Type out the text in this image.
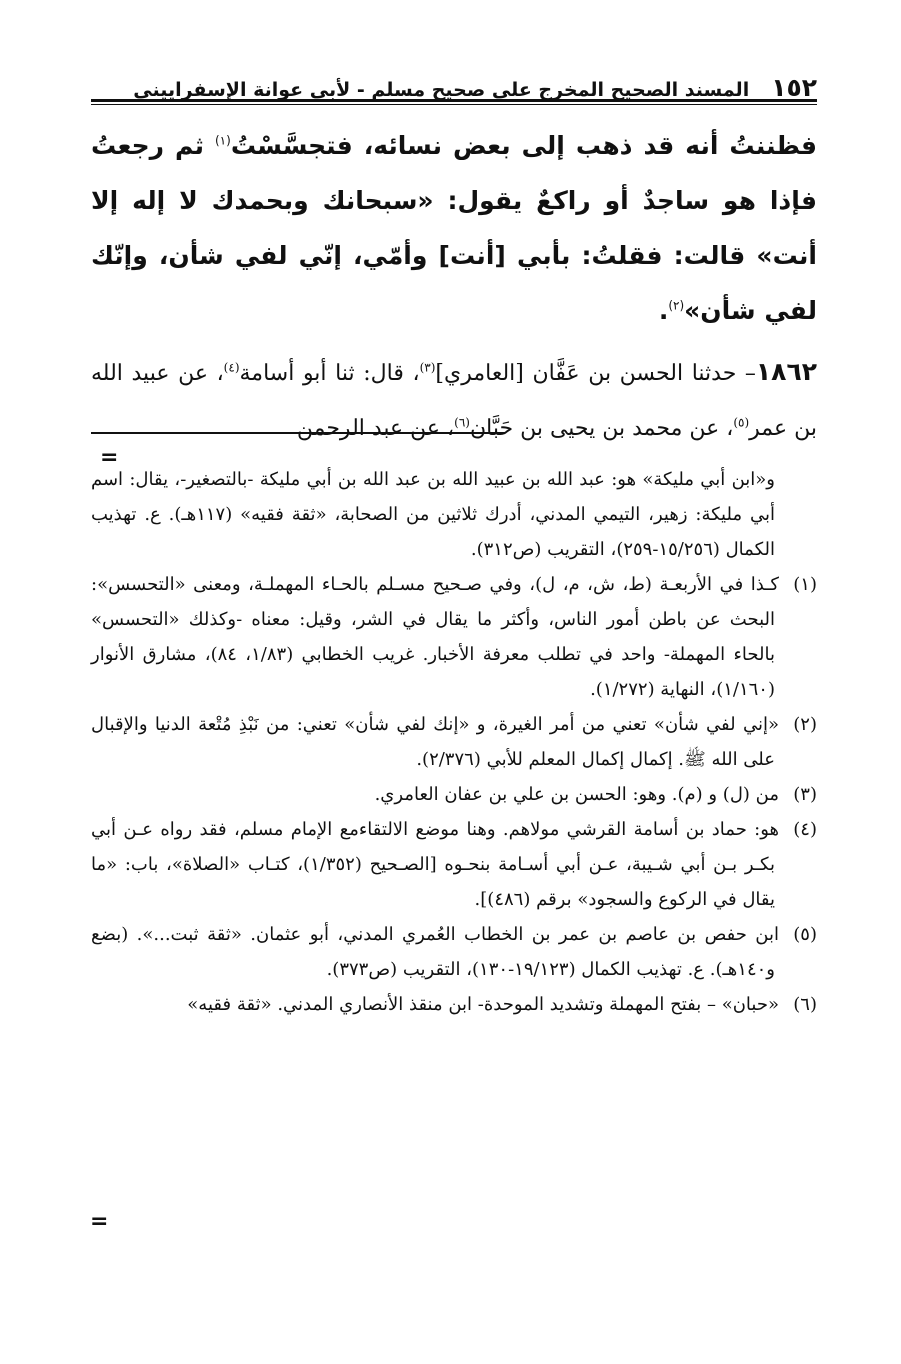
١٥٢
المسند الصحيح المخرج على صحيح مسلم - لأبي عوانة الإسفراييني

فظننتُ أنه قد ذهب إلى بعض نسائه، فتجسَّسْتُ$^{(١)}$ ثم رجعتُ فإذا هو ساجدٌ أو راكعٌ يقول: «سبحانك وبحمدك لا إله إلا أنت» قالت: فقلتُ: بأبي [أنت] وأمّي، إنّي لفي شأن، وإنّك لفي شأن»$^{(٢)}$.

١٨٦٢– حدثنا الحسن بن عَفَّان [العامري]$^{(٣)}$، قال: ثنا أبو أسامة$^{(٤)}$، عن عبيد الله بن عمر$^{(٥)}$، عن محمد بن يحيى بن حَبَّان$^{(٦)}$، عن عبد الرحمن

=

و«ابن أبي مليكة» هو: عبد الله بن عبيد الله بن عبد الله بن أبي مليكة -بالتصغير-، يقال: اسم أبي مليكة: زهير، التيمي المدني، أدرك ثلاثين من الصحابة، «ثقة فقيه» (١١٧هـ). ع. تهذيب الكمال (١٥/٢٥٦-٢٥٩)، التقريب (ص٣١٢).

(١)كـذا في الأربعـة (ط، ش، م، ل)، وفي صـحيح مسـلم بالحـاء المهملـة، ومعنى «التحسس»: البحث عن باطن أمور الناس، وأكثر ما يقال في الشر، وقيل: معناه -وكذلك «التحسس» بالحاء المهملة- واحد في تطلب معرفة الأخبار. غريب الخطابي (١/٨٣، ٨٤)، مشارق الأنوار (١/١٦٠)، النهاية (١/٢٧٢).

(٢)«إني لفي شأن» تعني من أمر الغيرة، و «إنك لفي شأن» تعني: من نَبْذِ مُتْعة الدنيا والإقبال على الله ﷺ. إكمال إكمال المعلم للأبي (٢/٣٧٦).

(٣)من (ل) و (م). وهو: الحسن بن علي بن عفان العامري.

(٤)هو: حماد بن أسامة القرشي مولاهم. وهنا موضع الالتقاءمع الإمام مسلم، فقد رواه عـن أبي بكـر بـن أبي شـيبة، عـن أبي أسـامة بنحـوه [الصـحيح (١/٣٥٢)، كتـاب «الصلاة»، باب: «ما يقال في الركوع والسجود» برقم (٤٨٦)].

(٥)ابن حفص بن عاصم بن عمر بن الخطاب العُمري المدني، أبو عثمان. «ثقة ثبت...». (بضع و١٤٠هـ). ع. تهذيب الكمال (١٩/١٢٣-١٣٠)، التقريب (ص٣٧٣).

(٦)«حبان» – بفتح المهملة وتشديد الموحدة- ابن منقذ الأنصاري المدني. «ثقة فقيه»

=
